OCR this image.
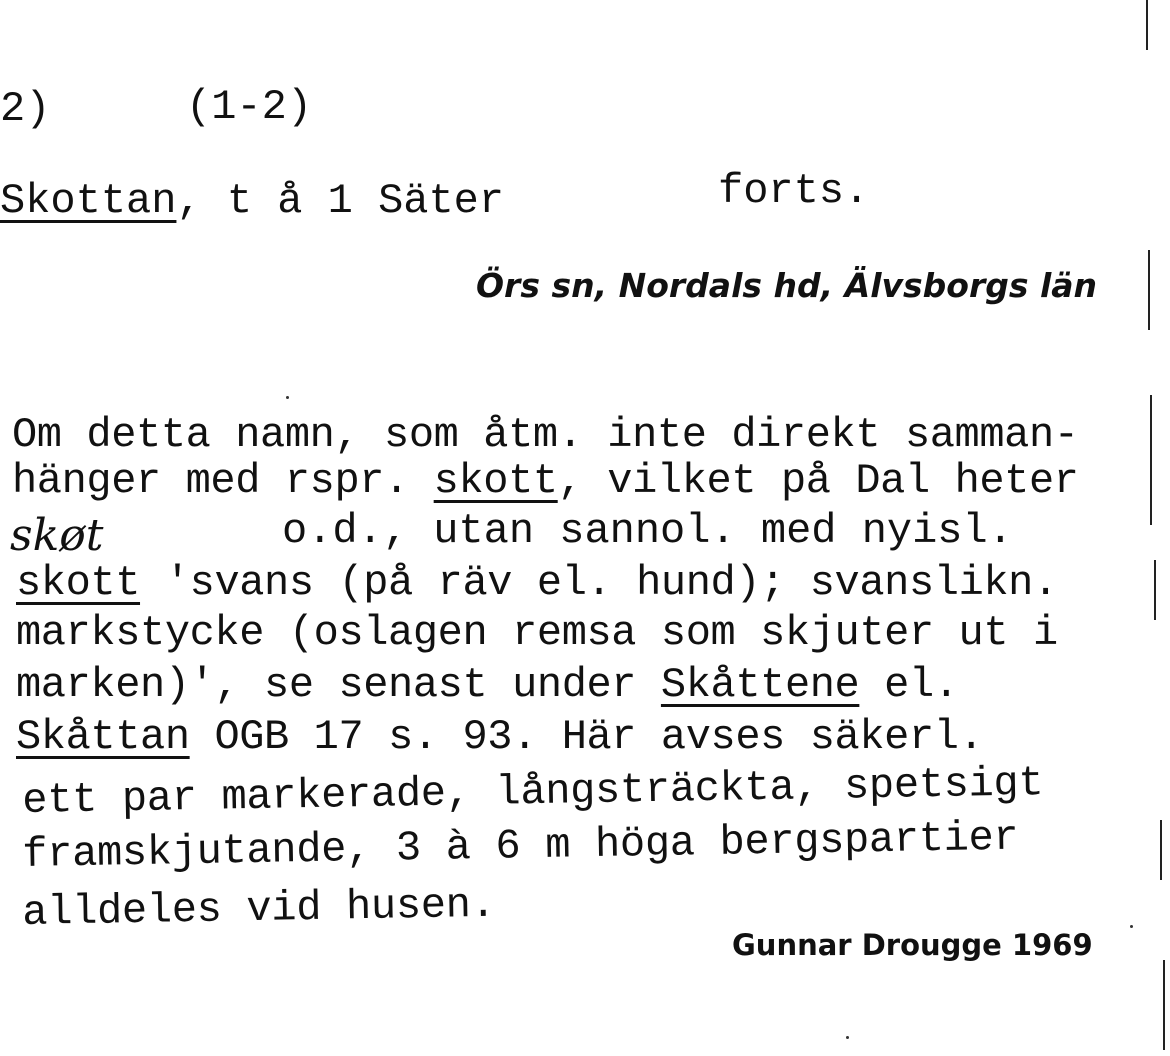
2)	(1-2)
Skottan, t å 1 Säter	forts.
Örs sn, Nordals hd, Älvsborgs län
Om detta namn, som åtm. inte direkt samman-
hänger med rspr. skott, vilket på Dal heter
skøt	o.d., utan sannol. med nyisl.
skott 'svans (på räv el. hund); svanslikn.
markstycke (oslagen remsa som skjuter ut i
marken)', se senast under Skåttene el.
Skåttan OGB 17 s. 93. Här avses säkerl.
ett par markerade, långsträckta, spetsigt
framskjutande, 3 à 6 m höga bergspartier
alldeles vid husen.
Gunnar Drougge 1969
